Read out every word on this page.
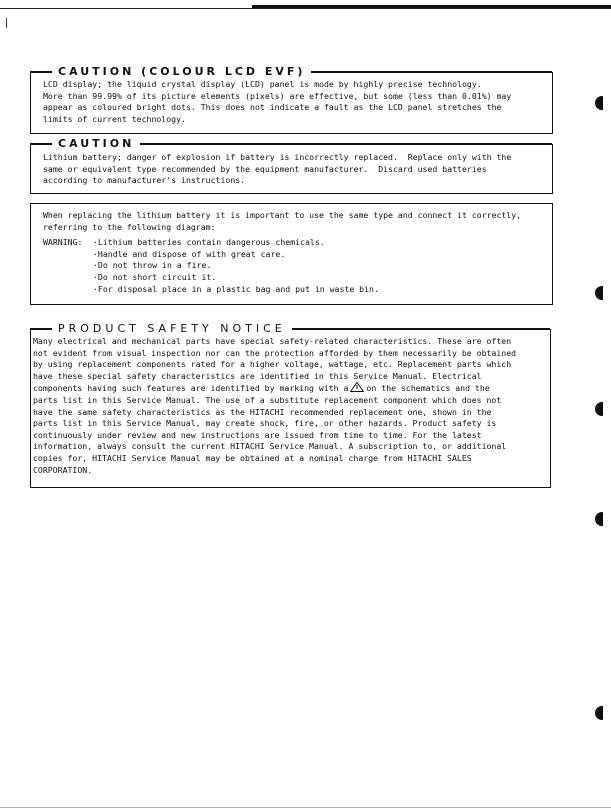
CAUTION (COLOUR LCD EVF)

LCD display; the liquid crystal display (LCD) panel is mode by highly precise technology.

More than 99.99% of its picture elements (pixels) are effective, but some (less than 0.01%) may

appear as coloured bright dots. This does not indicate a fault as the LCD panel stretches the

limits of current technology.

CAUTION

Lithium battery; danger of explosion if battery is incorrectly replaced.  Replace only with the

same or equivalent type recommended by the equipment manufacturer.  Discard used batteries

according to manufacturer's instructions.

When replacing the lithium battery it is important to use the same type and connect it correctly,

referring to the following diagram:

WARNING:	·Lithium batteries contain dangerous chemicals.
·Handle and dispose of with great care.
·Do not throw in a fire.
·Do not short circuit it.
·For disposal place in a plastic bag and put in waste bin.
PRODUCT SAFETY NOTICE

Many electrical and mechanical parts have special safety-related characteristics. These are often

not evident from visual inspection nor can the protection afforded by them necessarily be obtained

by using replacement components rated for a higher voltage, wattage, etc. Replacement parts which

have these special safety characteristics are identified in this Service Manual. Electrical

components having such features are identified by marking with a on the schematics and the

parts list in this Service Manual. The use of a substitute replacement component which does not

have the same safety characteristics as the HITACHI recommended replacement one, shown in the

parts list in this Service Manual, may create shock, fire, or other hazards. Product safety is

continuously under review and new instructions are issued from time to time. For the latest

information, always consult the current HITACHI Service Manual. A subscription to, or additional

copies for, HITACHI Service Manual may be obtained at a nominal charge from HITACHI SALES

CORPORATION.
